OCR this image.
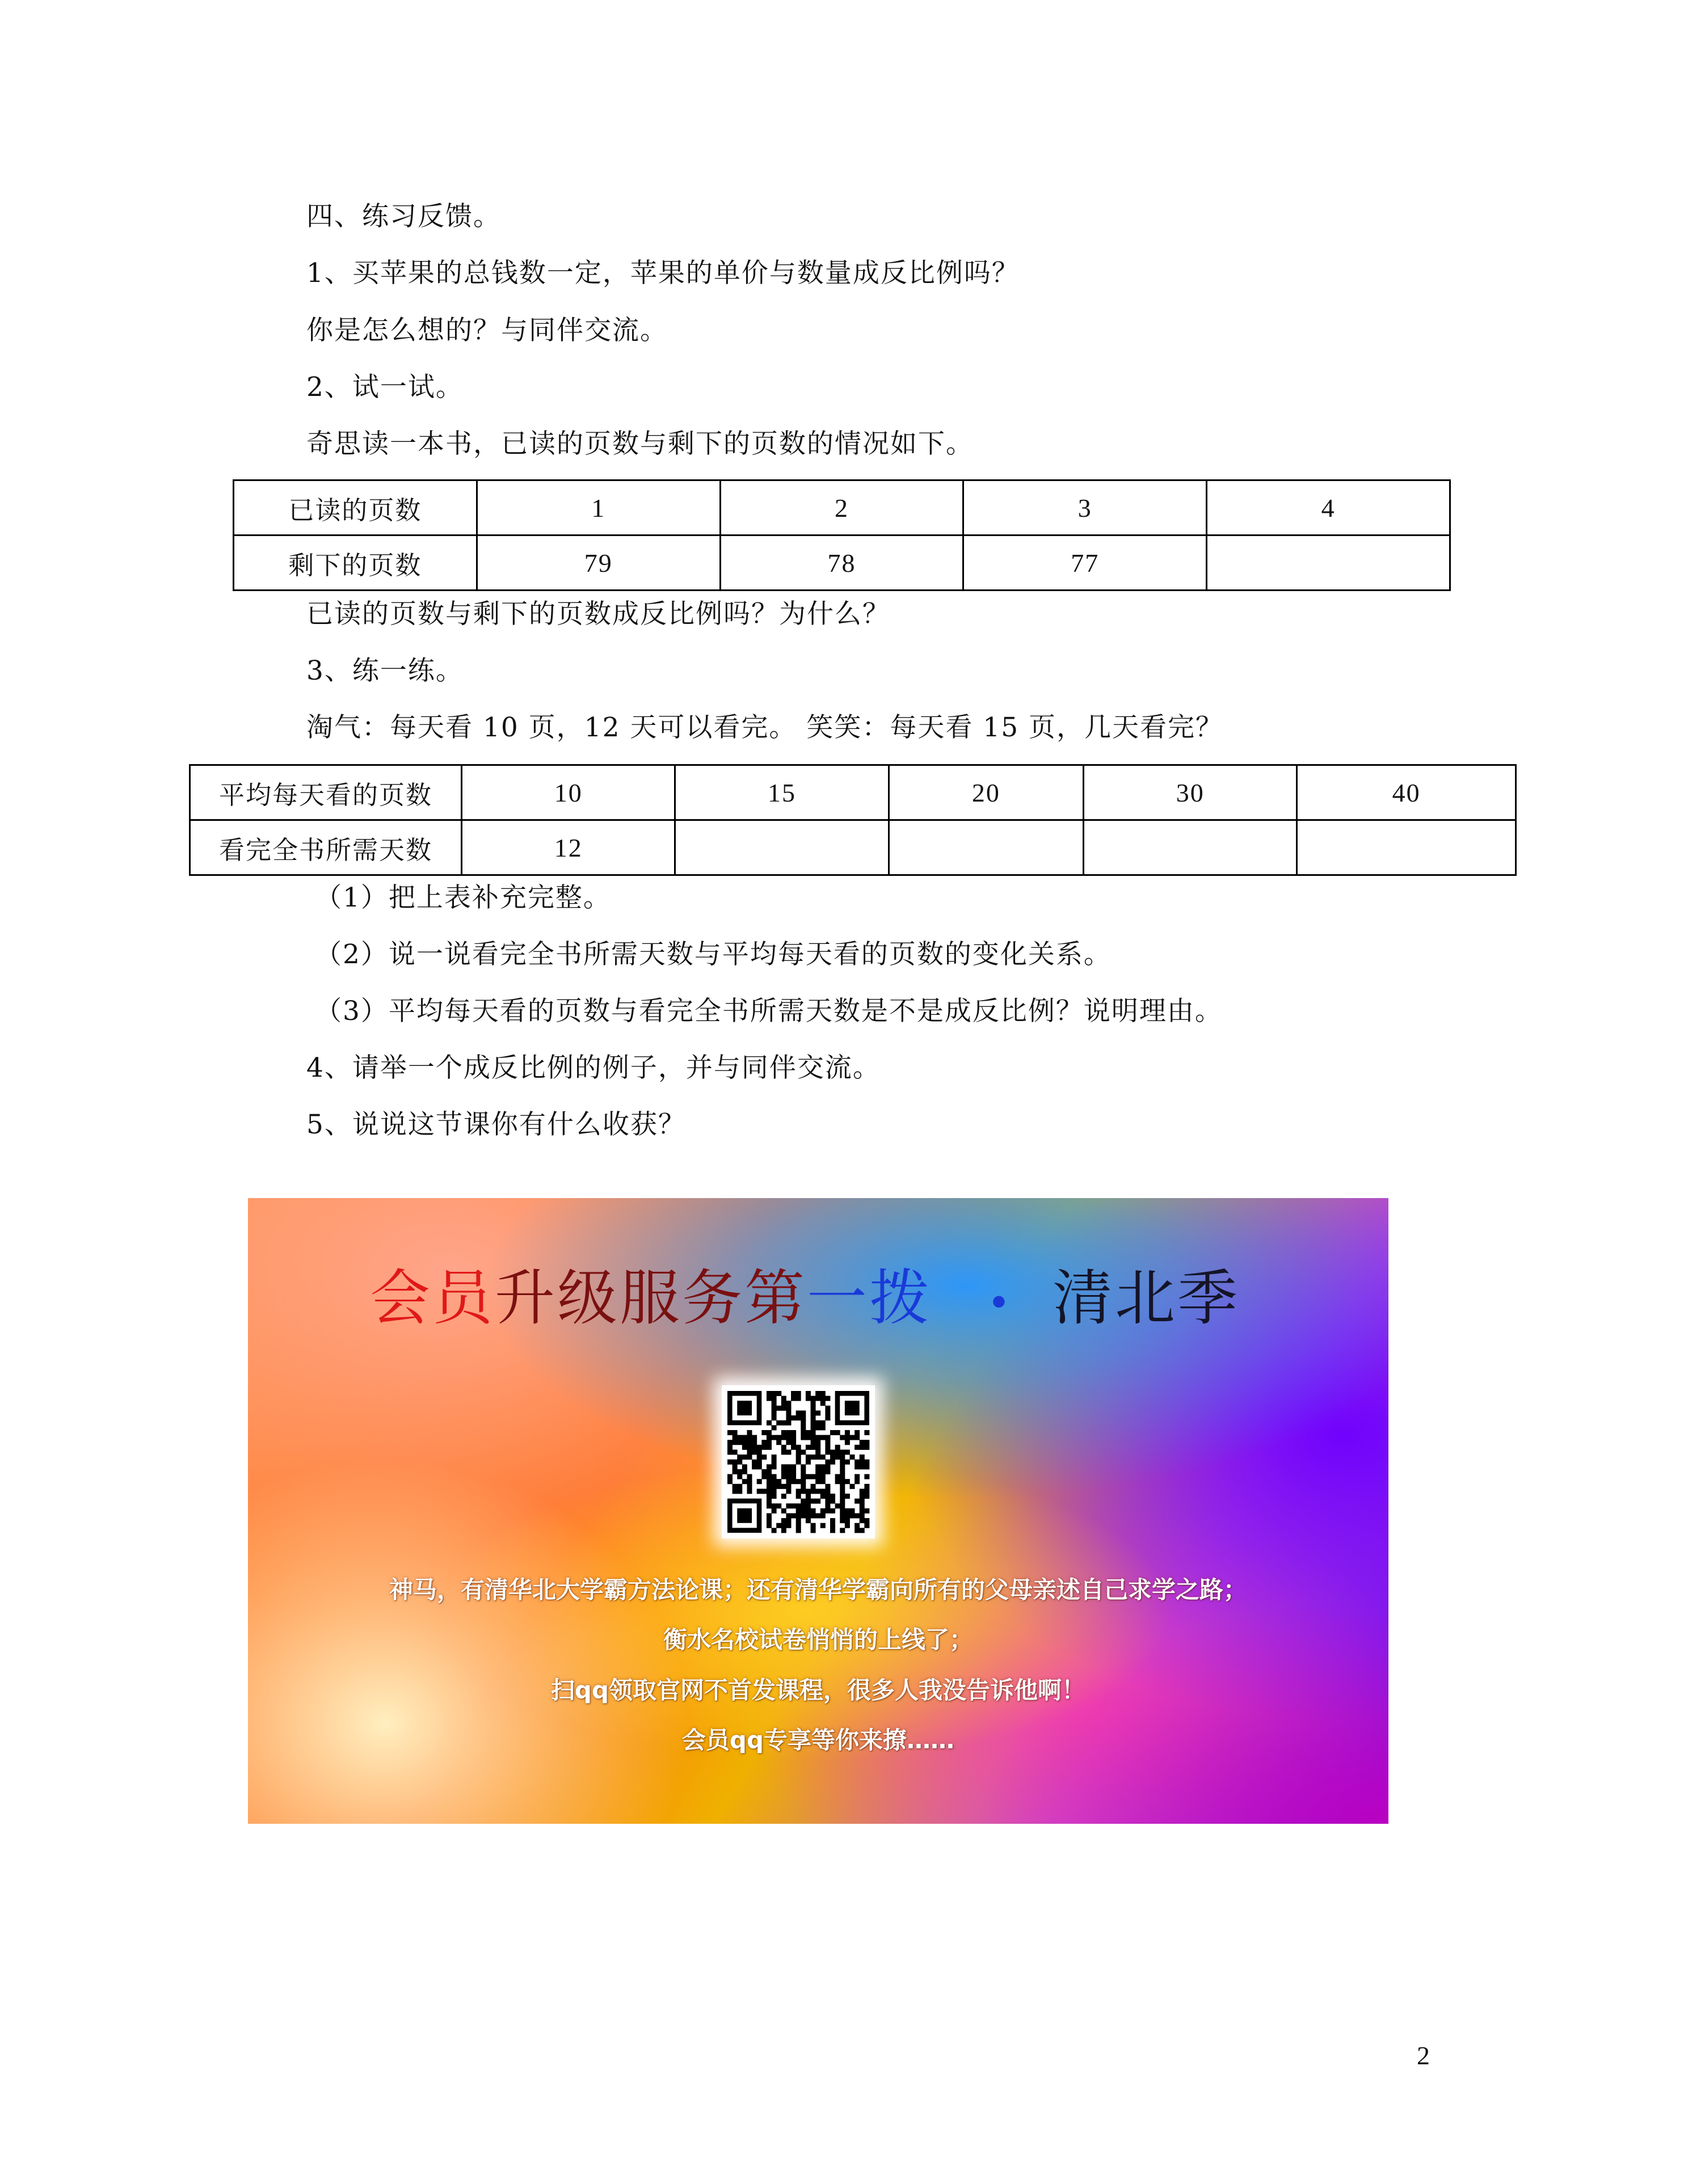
四、练习反馈。
1、买苹果的总钱数一定，苹果的单价与数量成反比例吗？
你是怎么想的？与同伴交流。
2、试一试。
奇思读一本书，已读的页数与剩下的页数的情况如下。
已读的页数	1	2	3	4
剩下的页数	79	78	77	
已读的页数与剩下的页数成反比例吗？为什么？
3、练一练。
淘气：每天看 10 页，12 天可以看完。 笑笑：每天看 15 页，几天看完？
平均每天看的页数	10	15	20	30	40
看完全书所需天数	12				
（1）把上表补充完整。
（2）说一说看完全书所需天数与平均每天看的页数的变化关系。
（3）平均每天看的页数与看完全书所需天数是不是成反比例？说明理由。
4、请举一个成反比例的例子，并与同伴交流。
5、说说这节课你有什么收获？
会员升级服务第一拨 • 清北季
神马，有清华北大学霸方法论课；还有清华学霸向所有的父母亲述自己求学之路；
衡水名校试卷悄悄的上线了；
扫qq领取官网不首发课程，很多人我没告诉他啊！
会员qq专享等你来撩……
2
